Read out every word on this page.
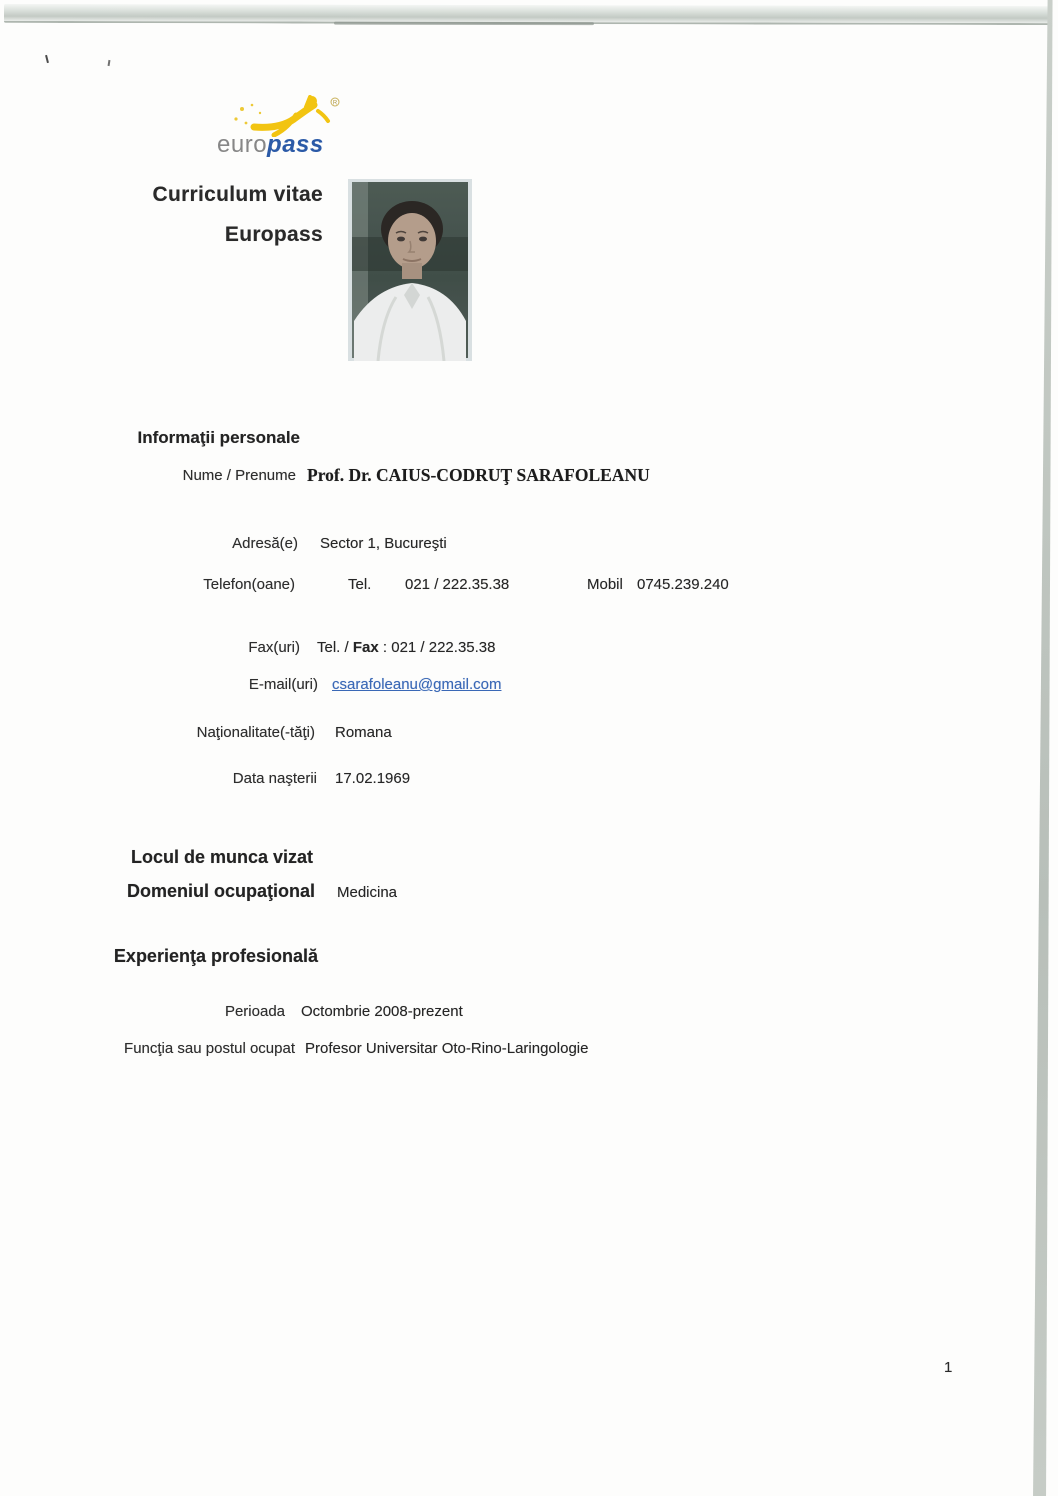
R
europass
Curriculum vitae
Europass
Informaţii personale
Nume / Prenume Prof. Dr. CAIUS-CODRUŢ SARAFOLEANU
Adresă(e) Sector 1, Bucureşti
Telefon(oane)	Tel. 021 / 222.35.38	Mobil 0745.239.240
Fax(uri) Tel. / Fax : 021 / 222.35.38
E-mail(uri) csarafoleanu@gmail.com
Naţionalitate(-tăţi) Romana
Data naşterii 17.02.1969
Locul de munca vizat
Domeniul ocupaţional Medicina
Experienţa profesională
Perioada Octombrie 2008-prezent
Funcţia sau postul ocupat Profesor Universitar Oto-Rino-Laringologie
1
